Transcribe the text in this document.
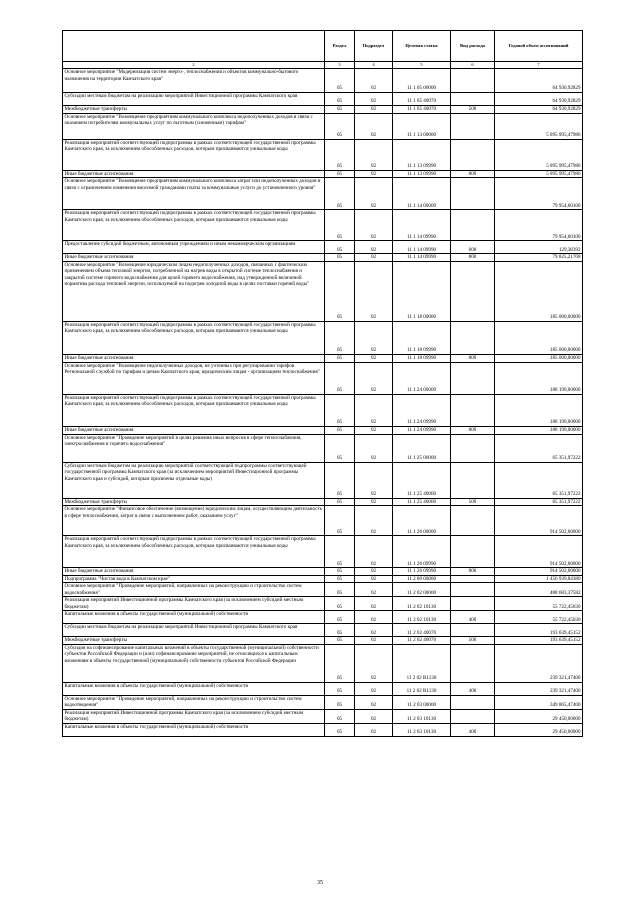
		Раздел	Подраздел	Целевая статья	Вид расхода	Годовой объем ассигнований
	2	3	4	5	6	7
	Основное мероприятие "Модернизация систем энерго-, теплоснабжения и объектов коммунально-бытового назначения на территории Камчатского края"	05	02	11 1 05 00000		64 930,92829
	Субсидии местным бюджетам на реализацию мероприятий Инвестиционной программы Камчатского края	05	02	11 1 05 40070		64 930,92829
	Межбюджетные трансферты	05	02	11 1 05 40070	500	64 930,92829
	Основное мероприятие "Возмещение предприятиям коммунального комплекса недополученных доходов в связи с оказанием потребителям коммунальных услуг по льготным (сниженным) тарифам"	05	02	11 1 13 00000		5 095 995,47986
	Реализация мероприятий соответствующей подпрограммы в рамках соответствующей государственной программы Камчатского края, за исключением обособленных расходов, которым присваиваются уникальные коды	05	02	11 1 13 09990		5 095 995,47986
	Иные бюджетные ассигнования	05	02	11 1 13 09990	800	5 095 995,47986
	Основное мероприятие "Возмещение предприятиям коммунального комплекса затрат или недополученных доходов в связи с ограничением изменения вносимой гражданами платы за коммунальные услуги до установленного уровня"	05	02	11 1 14 00000		79 954,60100
	Реализация мероприятий соответствующей подпрограммы в рамках соответствующей государственной программы Камчатского края, за исключением обособленных расходов, которым присваиваются уникальные коды	05	02	11 1 14 09990		79 954,60100
	Предоставление субсидий бюджетным, автономным учреждениям и иным некоммерческим организациям	05	02	11 1 14 09990	600	129,38392
	Иные бюджетные ассигнования	05	02	11 1 14 09990	800	79 825,21708
	Основное мероприятие "Возмещение юридическим лицам недополученных доходов, связанных с фактическим применением объема тепловой энергии, потребленной на нагрев воды в открытой системе теплоснабжения и закрытой системе горячего водоснабжения для целей горячего водоснабжения, над утвержденной величиной норматива расхода тепловой энергии, используемой на подогрев холодной воды в целях поставки горячей воды"	05	02	11 1 18 00000		185 000,00000
	Реализация мероприятий соответствующей подпрограммы в рамках соответствующей государственной программы Камчатского края, за исключением обособленных расходов, которым присваиваются уникальные коды	05	02	11 1 18 09990		185 000,00000
	Иные бюджетные ассигнования	05	02	11 1 18 09990	800	185 000,00000
	Основное мероприятие "Возмещение недополученных доходов, не учтенных при регулировании тарифов Региональной службой по тарифам и ценам Камчатского края, юридическим лицам - организациям теплоснабжения"	05	02	11 1 24 00000		188 190,00000
	Реализация мероприятий соответствующей подпрограммы в рамках соответствующей государственной программы Камчатского края, за исключением обособленных расходов, которым присваиваются уникальные коды	05	02	11 1 24 09990		188 190,00000
	Иные бюджетные ассигнования	05	02	11 1 24 09990	800	188 190,00000
	Основное мероприятие "Проведение мероприятий в целях решения иных вопросов в сфере теплоснабжения, электроснабжения и горячего водоснабжения"	05	02	11 1 25 00000		65 351,97222
	Субсидии местным бюджетам на реализацию мероприятий соответствующей подпрограммы соответствующей государственной программы Камчатского края (за исключением мероприятий Инвестиционной программы Камчатского края и субсидий, которым присвоены отдельные коды)	05	02	11 1 25 40060		65 351,97222
	Межбюджетные трансферты	05	02	11 1 25 40060	500	65 351,97222
	Основное мероприятие "Финансовое обеспечение (возмещение) юридическим лицам, осуществляющим деятельность в сфере теплоснабжения, затрат в связи с выполнением работ, оказанием услуг"	05	02	11 1 26 00000		914 502,60000
	Реализация мероприятий соответствующей подпрограммы в рамках соответствующей государственной программы Камчатского края, за исключением обособленных расходов, которым присваиваются уникальные коды	05	02	11 1 26 09990		914 502,60000
	Иные бюджетные ассигнования	05	02	11 1 26 09990	800	914 502,60000
	Подпрограмма "Чистая вода в Камчатском крае"	05	02	11 2 00 00000		1 456 939,84380
	Основное мероприятие "Проведение мероприятий, направленных на реконструкцию и строительство систем водоснабжения"	05	02	11 2 02 00000		488 683,37582
	Реализация мероприятий Инвестиционной программы Камчатского края (за исключением субсидий местным бюджетам)	05	02	11 2 02 10130		55 722,45030
	Капитальные вложения в объекты государственной (муниципальной) собственности	05	02	11 2 02 10130	400	55 722,45030
	Субсидии местным бюджетам на реализацию мероприятий Инвестиционной программы Камчатского края	05	02	11 2 02 40070		193 639,45152
	Межбюджетные трансферты	05	02	11 2 02 40070	500	193 639,45152
	Субсидия на софинансирование капитальных вложений в объекты государственной (муниципальной) собственности субъектов Российской Федерации и (или) софинансирование мероприятий, не относящихся к капитальным вложениям в объекты государственной (муниципальной) собственности субъектов Российской Федерации	05	02	11 2 02 R1130		239 321,47400
	Капитальные вложения в объекты государственной (муниципальной) собственности	05	02	11 2 02 R1130	400	239 321,47400
	Основное мероприятие "Проведение мероприятий, направленных на реконструкцию и строительство систем водоотведения"	05	02	11 2 03 00000		349 865,47400
	Реализация мероприятий Инвестиционной программы Камчатского края (за исключением субсидий местным бюджетам)	05	02	11 2 03 10130		29 450,00000
	Капитальные вложения в объекты государственной (муниципальной) собственности	05	02	11 2 03 10130	400	29 450,00000
35
